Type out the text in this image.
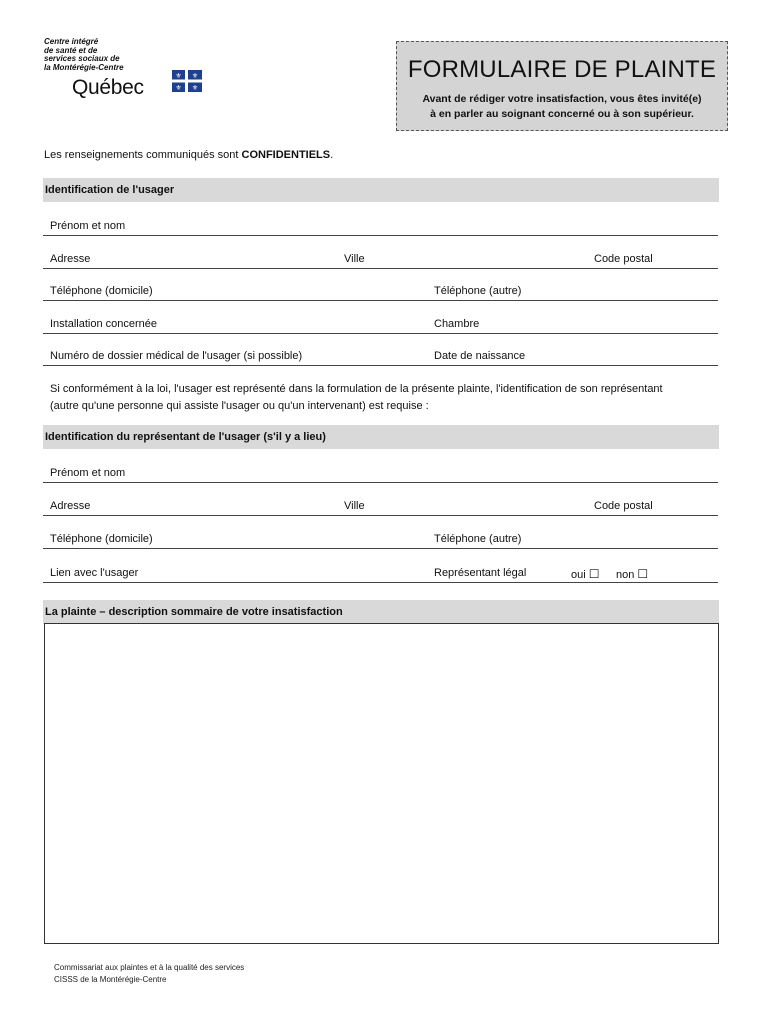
Centre intégré
de santé et de
services sociaux de
la Montérégie-Centre
Québec	⚜ ⚜
⚜ ⚜
FORMULAIRE DE PLAINTE
Avant de rédiger votre insatisfaction, vous êtes invité(e)
à en parler au soignant concerné ou à son supérieur.
Les renseignements communiqués sont CONFIDENTIELS.
Identification de l'usager
Prénom et nom
Adresse	Ville	Code postal
Téléphone (domicile)	Téléphone (autre)
Installation concernée	Chambre
Numéro de dossier médical de l'usager (si possible)	Date de naissance
Si conformément à la loi, l'usager est représenté dans la formulation de la présente plainte, l'identification de son représentant
(autre qu'une personne qui assiste l'usager ou qu'un intervenant) est requise :
Identification du représentant de l'usager (s'il y a lieu)
Prénom et nom
Adresse	Ville	Code postal
Téléphone (domicile)	Téléphone (autre)
Lien avec l'usager	Représentant légal	oui ☐ non ☐
La plainte – description sommaire de votre insatisfaction
Commissariat aux plaintes et à la qualité des services
CISSS de la Montérégie-Centre
